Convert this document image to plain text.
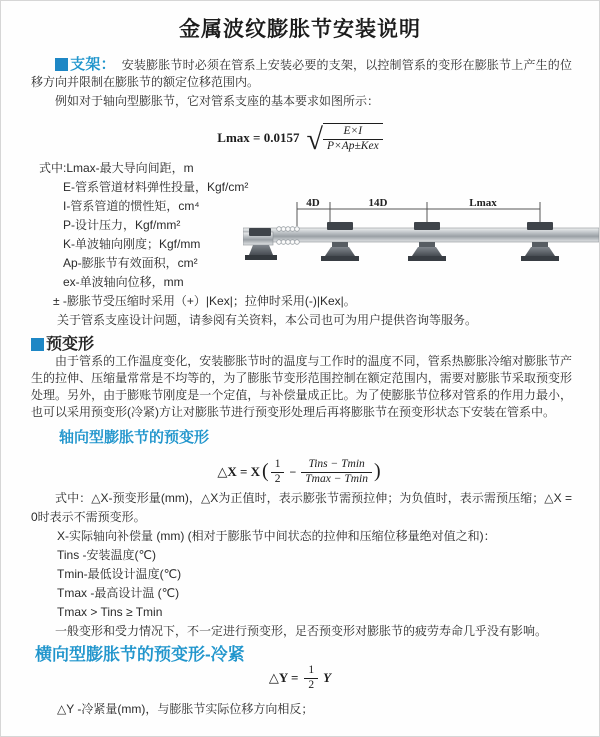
金属波纹膨胀节安装说明
支架： 安装膨胀节时必须在管系上安装必要的支架，以控制管系的变形在膨胀节上产生的位移方向并限制在膨胀节的额定位移范围内。
例如对于轴向型膨胀节，它对管系支座的基本要求如图所示：
Lmax = 0.0157 √ $\frac{E\times I}{\text{P×Ap±Kex}}$
式中:Lmax-最大导向间距，m
E-管系管道材料弹性投量，Kgf/cm²
I-管系管道的惯性矩，cm⁴
P-设计压力，Kgf/mm²
K-单波轴向刚度；Kgf/mm
Ap-膨胀节有效面积，cm²
ex-单波轴向位移，mm
± -膨胀节受压缩时采用（+）|Kex|；拉伸时采用(-)|Kex|。
关于管系支座设计问题，请参阅有关资料，本公司也可为用户提供咨询等服务。
4D	14D	Lmax
预变形
由于管系的工作温度变化，安装膨胀节时的温度与工作时的温度不同，管系热膨胀冷缩对膨胀节产生的拉伸、压缩量常常是不均等的，为了膨胀节变形范围控制在额定范围内，需要对膨胀节采取预变形处理。另外，由于膨账节刚度是一个定值，与补偿量成正比。为了使膨胀节位移对管系的作用力最小，也可以采用预变形(冷紧)方让对膨胀节进行预变形处理后再将膨胀节在预变形状态下安装在管系中。
轴向型膨胀节的预变形
△X = X ( $\frac{1}{2} - \frac{\text{Tins − Tmin}}{Tmax - Tmin}$ )
式中：△X-预变形量(mm)，△X为正值时，表示膨张节需预拉伸；为负值时，表示需预压缩；△X = 0时表示不需预变形。
X-实际轴向补偿量 (mm) (相对于膨胀节中间状态的拉伸和压缩位移量绝对值之和)：
Tins -安装温度(℃)
Tmin-最低设计温度(℃)
Tmax -最高设计温 (℃)
Tmax > Tins ≥ Tmin
一般变形和受力情况下，不一定进行预变形，足否预变形对膨胀节的疲劳寿命几乎没有影响。
横向型膨胀节的预变形-冷紧
△Y = $\frac{1}{2}$ Y
△Y -冷紧量(mm)，与膨胀节实际位移方向相反；
